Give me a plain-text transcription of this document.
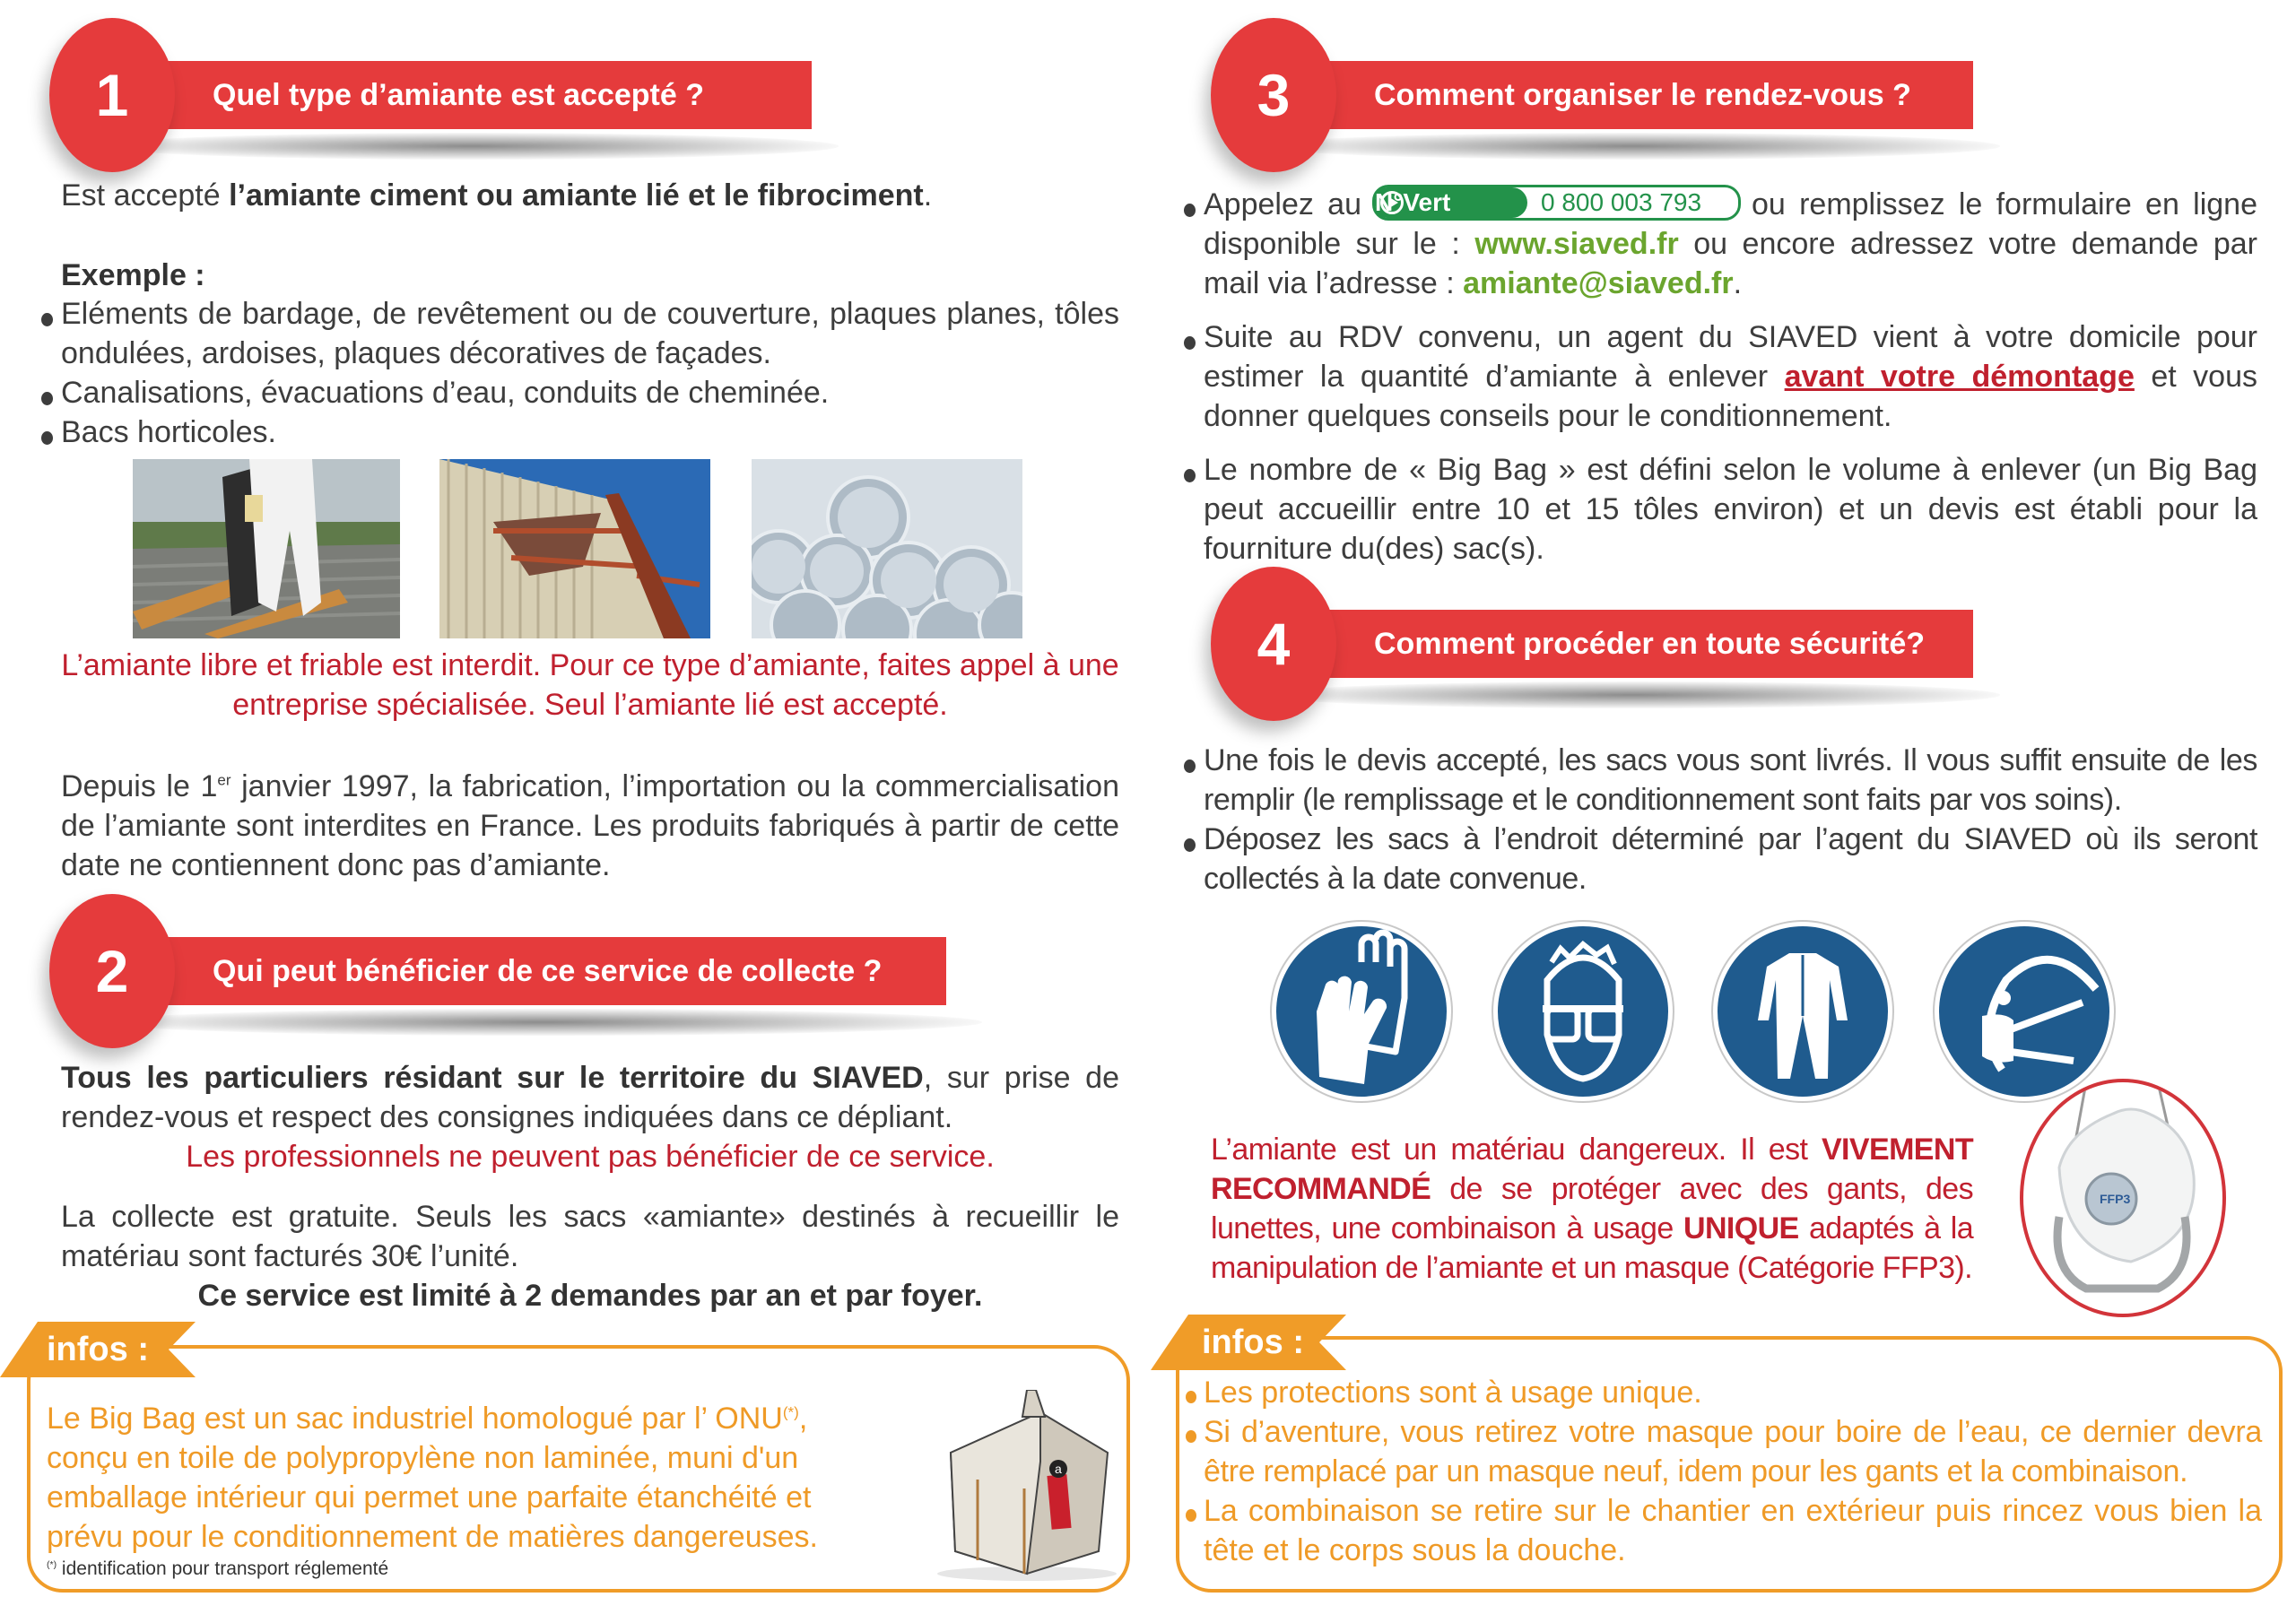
1	Quel type d’amiante est accepté ?
Est accepté l’amiante ciment ou amiante lié et le fibrociment.
Exemple :
Eléments de bardage, de revêtement ou de couverture, plaques planes, tôles ondulées, ardoises, plaques décoratives de façades.
Canalisations, évacuations d’eau, conduits de cheminée.
Bacs horticoles.
L’amiante libre et friable est interdit. Pour ce type d’amiante, faites appel à une entreprise spécialisée. Seul l’amiante lié est accepté.
Depuis le 1er janvier 1997, la fabrication, l’importation ou la commercialisation de l’amiante sont interdites en France. Les produits fabriqués à partir de cette date ne contiennent donc pas d’amiante.
2	Qui peut bénéficier de ce service de collecte ?
Tous les particuliers résidant sur le territoire du SIAVED, sur prise de rendez-vous et respect des consignes indiquées dans ce dépliant.
Les professionnels ne peuvent pas bénéficier de ce service.
La collecte est gratuite. Seuls les sacs «amiante» destinés à recueillir le matériau sont facturés 30€ l’unité.
Ce service est limité à 2 demandes par an et par foyer.
infos :
Le Big Bag est un sac industriel homologué par l’ ONU(*), conçu en toile de polypropylène non laminée, muni d'un emballage intérieur qui permet une parfaite étanchéité et prévu pour le conditionnement de matières dangereuses.
(*) identification pour transport réglementé
a
3	Comment organiser le rendez-vous ?
Appelez au N°Vert	0 800 003 793 ou remplissez le formulaire en ligne disponible sur le : www.siaved.fr ou encore adressez votre demande par mail via l’adresse : amiante@siaved.fr.
Suite au RDV convenu, un agent du SIAVED vient à votre domicile pour estimer la quantité d’amiante à enlever avant votre démontage et vous donner quelques conseils pour le conditionnement.
Le nombre de « Big Bag » est défini selon le volume à enlever (un Big Bag peut accueillir entre 10 et 15 tôles environ) et un devis est établi pour la fourniture du(des) sac(s).
4	Comment procéder en toute sécurité?
Une fois le devis accepté, les sacs vous sont livrés. Il vous suffit ensuite de les remplir (le remplissage et le conditionnement sont faits par vos soins).
Déposez les sacs à l’endroit déterminé par l’agent du SIAVED où ils seront collectés à la date convenue.
L’amiante est un matériau dangereux. Il est VIVEMENT RECOMMANDÉ de se protéger avec des gants, des lunettes, une combinaison à usage UNIQUE adaptés à la manipulation de l’amiante et un masque (Catégorie FFP3).
FFP3
infos :
Les protections sont à usage unique.
Si d’aventure, vous retirez votre masque pour boire de l’eau, ce dernier devra être remplacé par un masque neuf, idem pour les gants et la combinaison.
La combinaison se retire sur le chantier en extérieur puis rincez vous bien la tête et le corps sous la douche.
